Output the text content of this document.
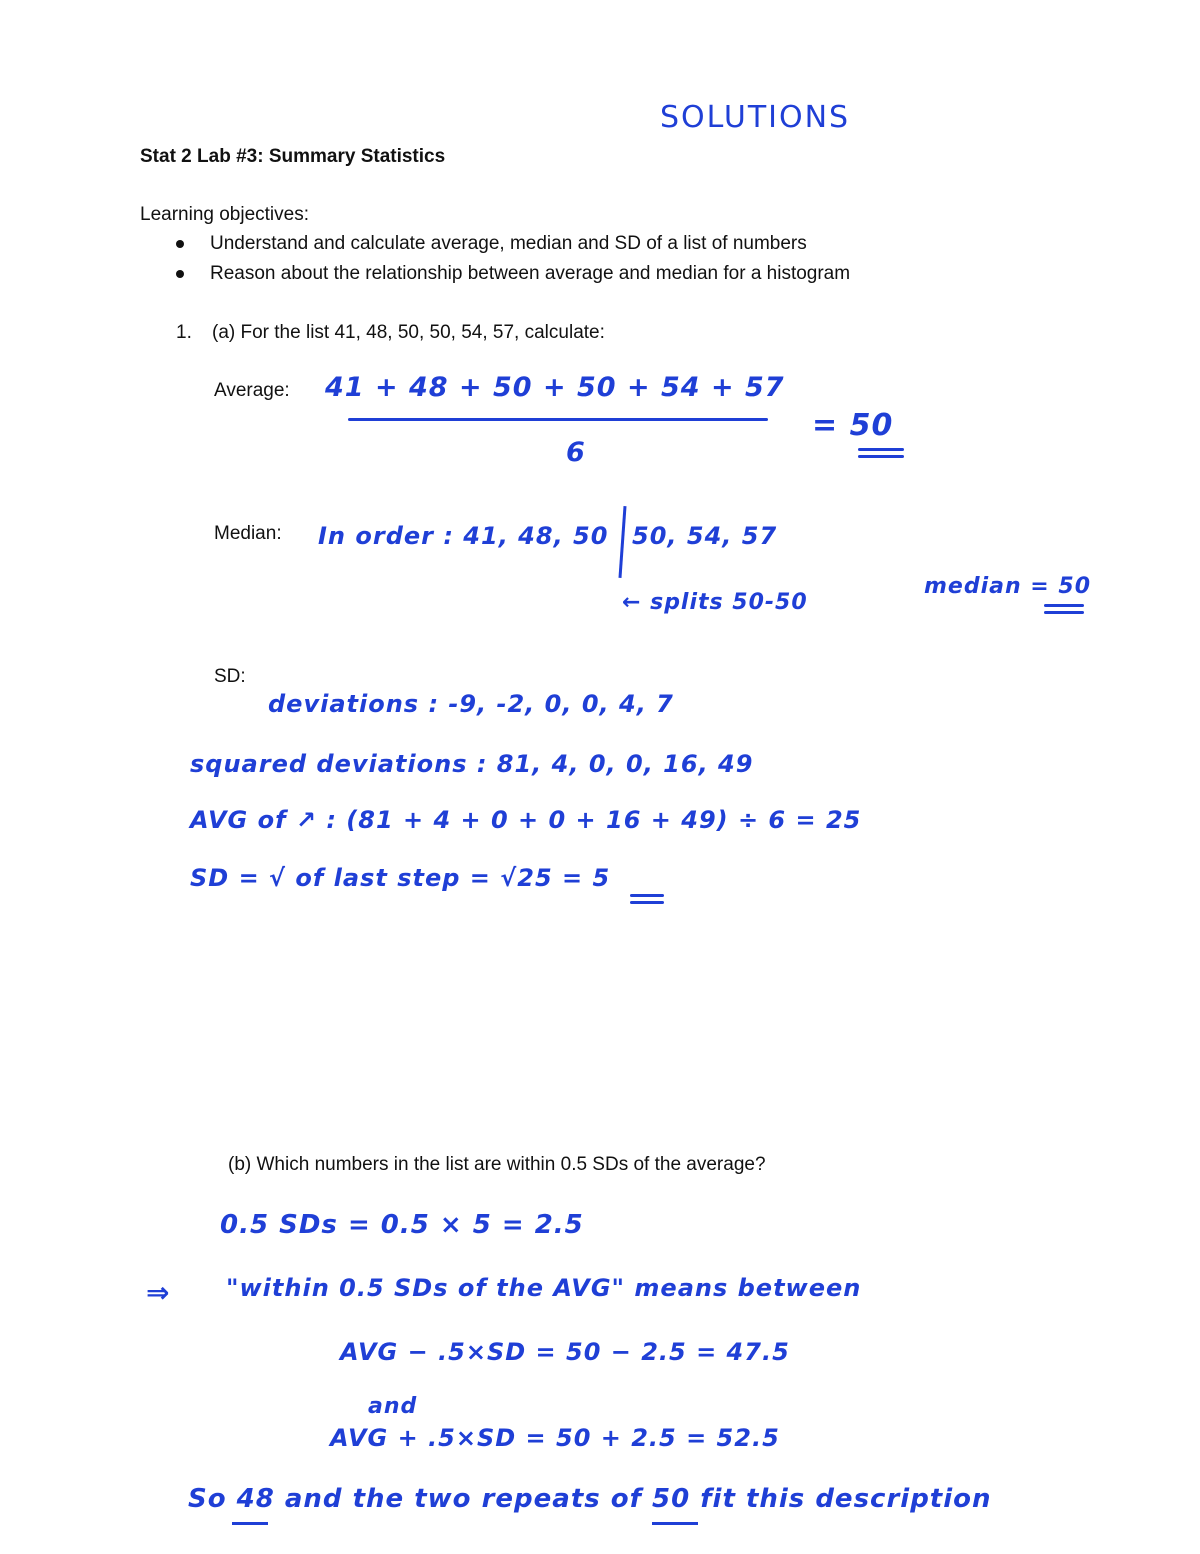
SOLUTIONS
Stat 2 Lab #3: Summary Statistics
Learning objectives:
Understand and calculate average, median and SD of a list of numbers
Reason about the relationship between average and median for a histogram
1. (a) For the list 41, 48, 50, 50, 54, 57, calculate:
Average: 41 + 48 + 50 + 50 + 54 + 57
6
= 50
Median: In order : 41, 48, 50 50, 54, 57
← splits 50-50
median = 50
SD:
deviations : -9, -2, 0, 0, 4, 7
squared deviations : 81, 4, 0, 0, 16, 49
AVG of ↗ : (81 + 4 + 0 + 0 + 16 + 49) ÷ 6 = 25
SD = √ of last step = √25 = 5
(b) Which numbers in the list are within 0.5 SDs of the average?
0.5 SDs = 0.5 × 5 = 2.5
⇒ "within 0.5 SDs of the AVG" means between
AVG − .5×SD = 50 − 2.5 = 47.5
and
AVG + .5×SD = 50 + 2.5 = 52.5
So 48 and the two repeats of 50 fit this description
